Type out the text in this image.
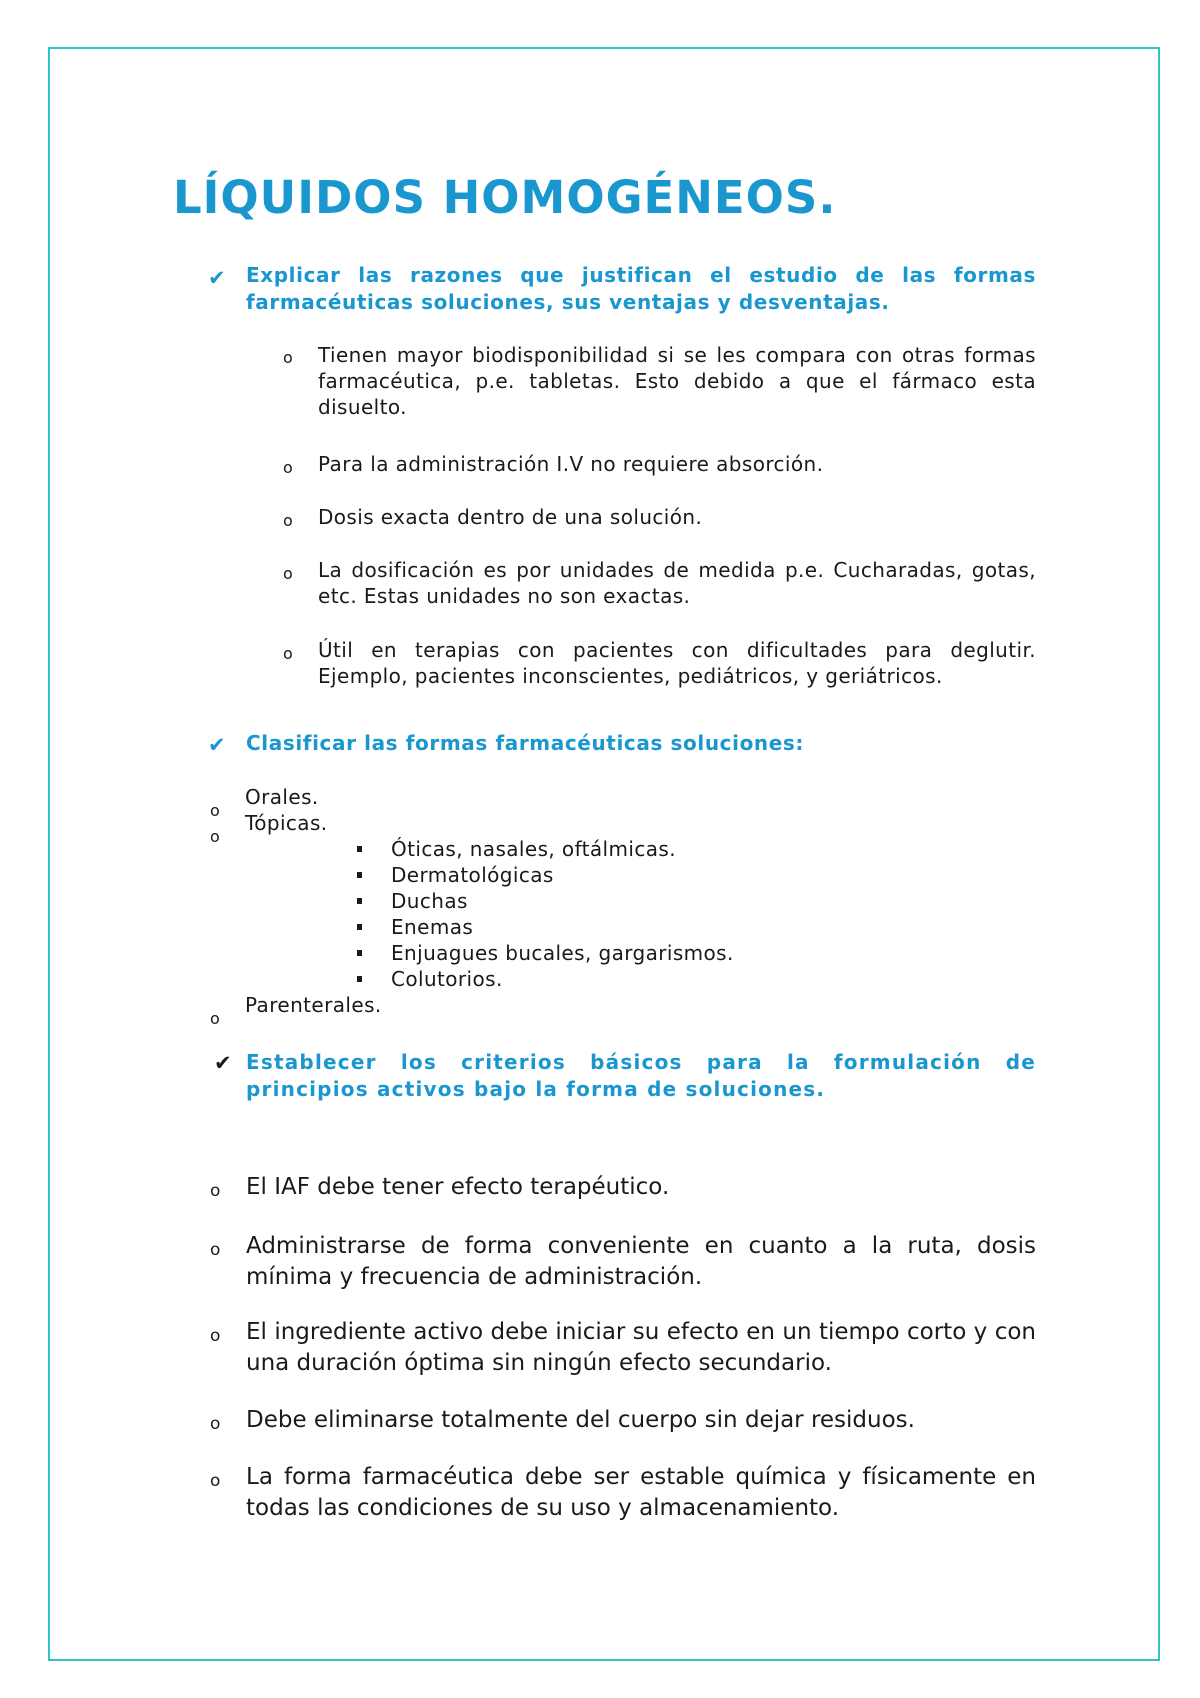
LÍQUIDOS HOMOGÉNEOS.
✔ Explicar las razones que justifican el estudio de las formas farmacéuticas soluciones, sus ventajas y desventajas.
o Tienen mayor biodisponibilidad si se les compara con otras formas farmacéutica, p.e. tabletas. Esto debido a que el fármaco esta disuelto.
o Para la administración I.V no requiere absorción.
o Dosis exacta dentro de una solución.
o La dosificación es por unidades de medida p.e. Cucharadas, gotas, etc. Estas unidades no son exactas.
o Útil en terapias con pacientes con dificultades para deglutir. Ejemplo, pacientes inconscientes, pediátricos, y geriátricos.
✔ Clasificar las formas farmacéuticas soluciones:
o
Orales.
o
Tópicas.
Óticas, nasales, oftálmicas.
Dermatológicas
Duchas
Enemas
Enjuagues bucales, gargarismos.
Colutorios.
o
Parenterales.
✔ Establecer los criterios básicos para la formulación de principios activos bajo la forma de soluciones.
o El IAF debe tener efecto terapéutico.
o Administrarse de forma conveniente en cuanto a la ruta, dosis mínima y frecuencia de administración.
o El ingrediente activo debe iniciar su efecto en un tiempo corto y con una duración óptima sin ningún efecto secundario.
o Debe eliminarse totalmente del cuerpo sin dejar residuos.
o La forma farmacéutica debe ser estable química y físicamente en todas las condiciones de su uso y almacenamiento.
